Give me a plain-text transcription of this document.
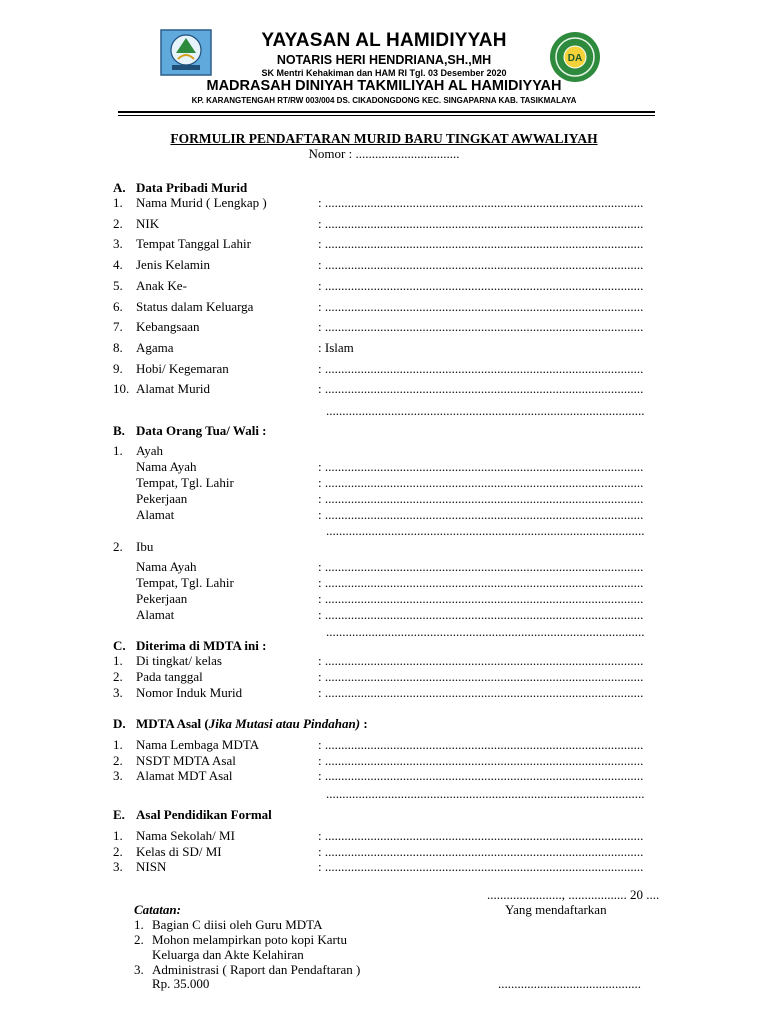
DA
YAYASAN AL HAMIDIYYAH
NOTARIS HERI HENDRIANA,SH.,MH
SK Mentri Kehakiman dan HAM RI Tgl. 03 Desember 2020
MADRASAH DINIYAH TAKMILIYAH AL HAMIDIYYAH
KP. KARANGTENGAH RT/RW 003/004 DS. CIKADONGDONG KEC. SINGAPARNA KAB. TASIKMALAYA
FORMULIR PENDAFTARAN MURID BARU TINGKAT AWWALIYAH
Nomor : ................................
A. Data Pribadi Murid
1. Nama Murid ( Lengkap )	: ..................................................................................................
2. NIK	: ..................................................................................................
3. Tempat Tanggal Lahir	: ..................................................................................................
4. Jenis Kelamin	: ..................................................................................................
5. Anak Ke-	: ..................................................................................................
6. Status dalam Keluarga	: ..................................................................................................
7. Kebangsaan	: ..................................................................................................
8. Agama	: Islam
9. Hobi/ Kegemaran	: ..................................................................................................
10. Alamat Murid	: ..................................................................................................
..................................................................................................
B. Data Orang Tua/ Wali :
1. Ayah
Nama Ayah	: ..................................................................................................
Tempat, Tgl. Lahir	: ..................................................................................................
Pekerjaan	: ..................................................................................................
Alamat	: ..................................................................................................
..................................................................................................
2. Ibu
Nama Ayah	: ..................................................................................................
Tempat, Tgl. Lahir	: ..................................................................................................
Pekerjaan	: ..................................................................................................
Alamat	: ..................................................................................................
..................................................................................................
C. Diterima di MDTA ini :
1. Di tingkat/ kelas	: ..................................................................................................
2. Pada tanggal	: ..................................................................................................
3. Nomor Induk Murid	: ..................................................................................................
D. MDTA Asal (Jika Mutasi atau Pindahan) :
1. Nama Lembaga MDTA	: ..................................................................................................
2. NSDT MDTA Asal	: ..................................................................................................
3. Alamat MDT Asal	: ..................................................................................................
..................................................................................................
E. Asal Pendidikan Formal
1. Nama Sekolah/ MI	: ..................................................................................................
2. Kelas di SD/ MI	: ..................................................................................................
3. NISN	: ..................................................................................................
......................., .................. 20 ....
Yang mendaftarkan
............................................
Catatan:
1. Bagian C diisi oleh Guru MDTA
2. Mohon melampirkan poto kopi Kartu
Keluarga dan Akte Kelahiran
3. Administrasi ( Raport dan Pendaftaran )
Rp. 35.000
